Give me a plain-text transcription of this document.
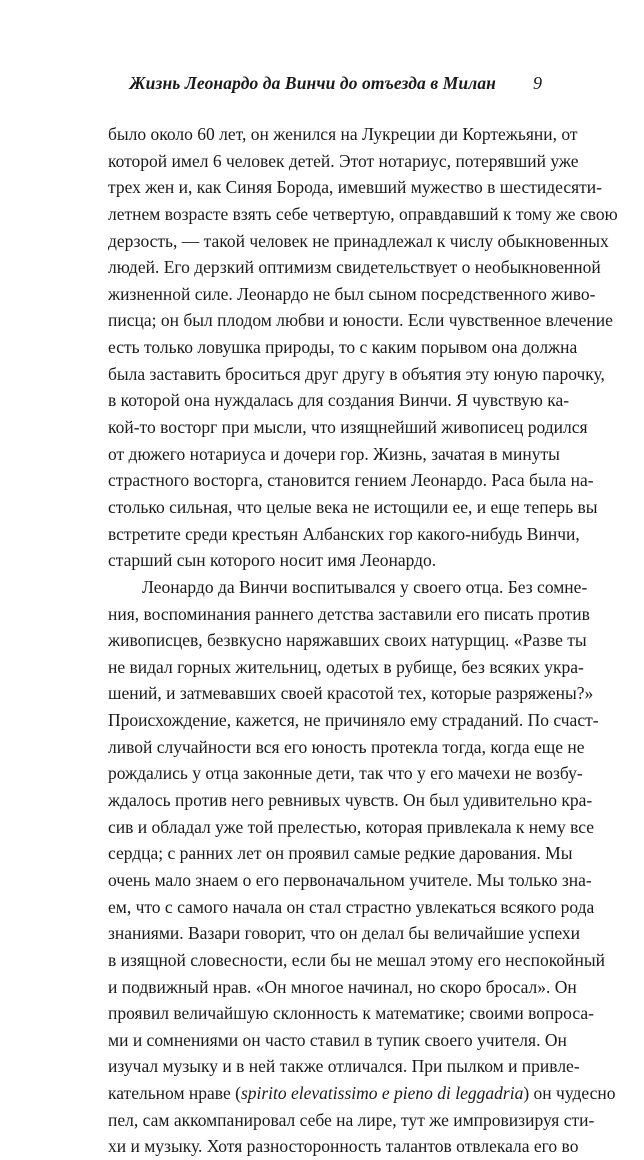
Жизнь Леонардо да Винчи до отъезда в Милан 9
было около 60 лет, он женился на Лукреции ди Кортежьяни, от
которой имел 6 человек детей. Этот нотариус, потерявший уже
трех жен и, как Синяя Борода, имевший мужество в шестидесяти-
летнем возрасте взять себе четвертую, оправдавший к тому же свою
дерзость, — такой человек не принадлежал к числу обыкновенных
людей. Его дерзкий оптимизм свидетельствует о необыкновенной
жизненной силе. Леонардо не был сыном посредственного живо-
писца; он был плодом любви и юности. Если чувственное влечение
есть только ловушка природы, то с каким порывом она должна
была заставить броситься друг другу в объятия эту юную парочку,
в которой она нуждалась для создания Винчи. Я чувствую ка-
кой-то восторг при мысли, что изящнейший живописец родился
от дюжего нотариуса и дочери гор. Жизнь, зачатая в минуты
страстного восторга, становится гением Леонардо. Раса была на-
столько сильная, что целые века не истощили ее, и еще теперь вы
встретите среди крестьян Албанских гор какого-нибудь Винчи,
старший сын которого носит имя Леонардо.
Леонардо да Винчи воспитывался у своего отца. Без сомне-
ния, воспоминания раннего детства заставили его писать против
живописцев, безвкусно наряжавших своих натурщиц. «Разве ты
не видал горных жительниц, одетых в рубище, без всяких укра-
шений, и затмевавших своей красотой тех, которые разряжены?»
Происхождение, кажется, не причиняло ему страданий. По счаст-
ливой случайности вся его юность протекла тогда, когда еще не
рождались у отца законные дети, так что у его мачехи не возбу-
ждалось против него ревнивых чувств. Он был удивительно кра-
сив и обладал уже той прелестью, которая привлекала к нему все
сердца; с ранних лет он проявил самые редкие дарования. Мы
очень мало знаем о его первоначальном учителе. Мы только зна-
ем, что с самого начала он стал страстно увлекаться всякого рода
знаниями. Вазари говорит, что он делал бы величайшие успехи
в изящной словесности, если бы не мешал этому его неспокойный
и подвижный нрав. «Он многое начинал, но скоро бросал». Он
проявил величайшую склонность к математике; своими вопроса-
ми и сомнениями он часто ставил в тупик своего учителя. Он
изучал музыку и в ней также отличался. При пылком и привле-
кательном нраве (spirito elevatissimo e pieno di leggadria) он чудесно
пел, сам аккомпанировал себе на лире, тут же импровизируя сти-
хи и музыку. Хотя разносторонность талантов отвлекала его во
